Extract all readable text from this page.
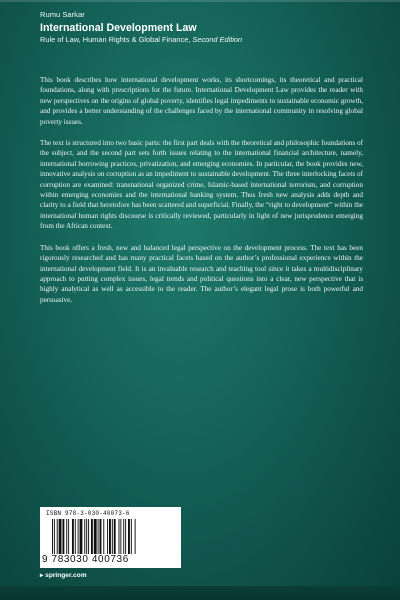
Rumu Sarkar
International Development Law
Rule of Law, Human Rights & Global Finance, Second Edition

This book describes how international development works, its shortcomings, its theoretical and practical foundations, along with prescriptions for the future. International Development Law provides the reader with new perspectives on the origins of global poverty, identifies legal impediments to sustainable economic growth, and provides a better understanding of the challenges faced by the international community in resolving global poverty issues.

The text is structured into two basic parts: the first part deals with the theoretical and philosophic foundations of the subject, and the second part sets forth issues relating to the international financial architecture, namely, international borrowing practices, privatization, and emerging economies. In particular, the book provides new, innovative analysis on corruption as an impediment to sustainable development. The three interlocking facets of corruption are examined: transnational organized crime, Islamic-based international terrorism, and corruption within emerging economies and the international banking system. Thus fresh new analysis adds depth and clarity to a field that heretofore has been scattered and superficial. Finally, the “right to development” within the international human rights discourse is critically reviewed, particularly in light of new jurisprudence emerging from the African context.

This book offers a fresh, new and balanced legal perspective on the development process. The text has been rigorously researched and has many practical facets based on the author’s professional experience within the international development field. It is an invaluable research and teaching tool since it takes a multidisciplinary approach to putting complex issues, legal trends and political questions into a clear, new perspective that is highly analytical as well as accessible to the reader. The author’s elegant legal prose is both powerful and persuasive.

ISBN 978-3-030-40073-6
9 783030 400736
▸ springer.com
